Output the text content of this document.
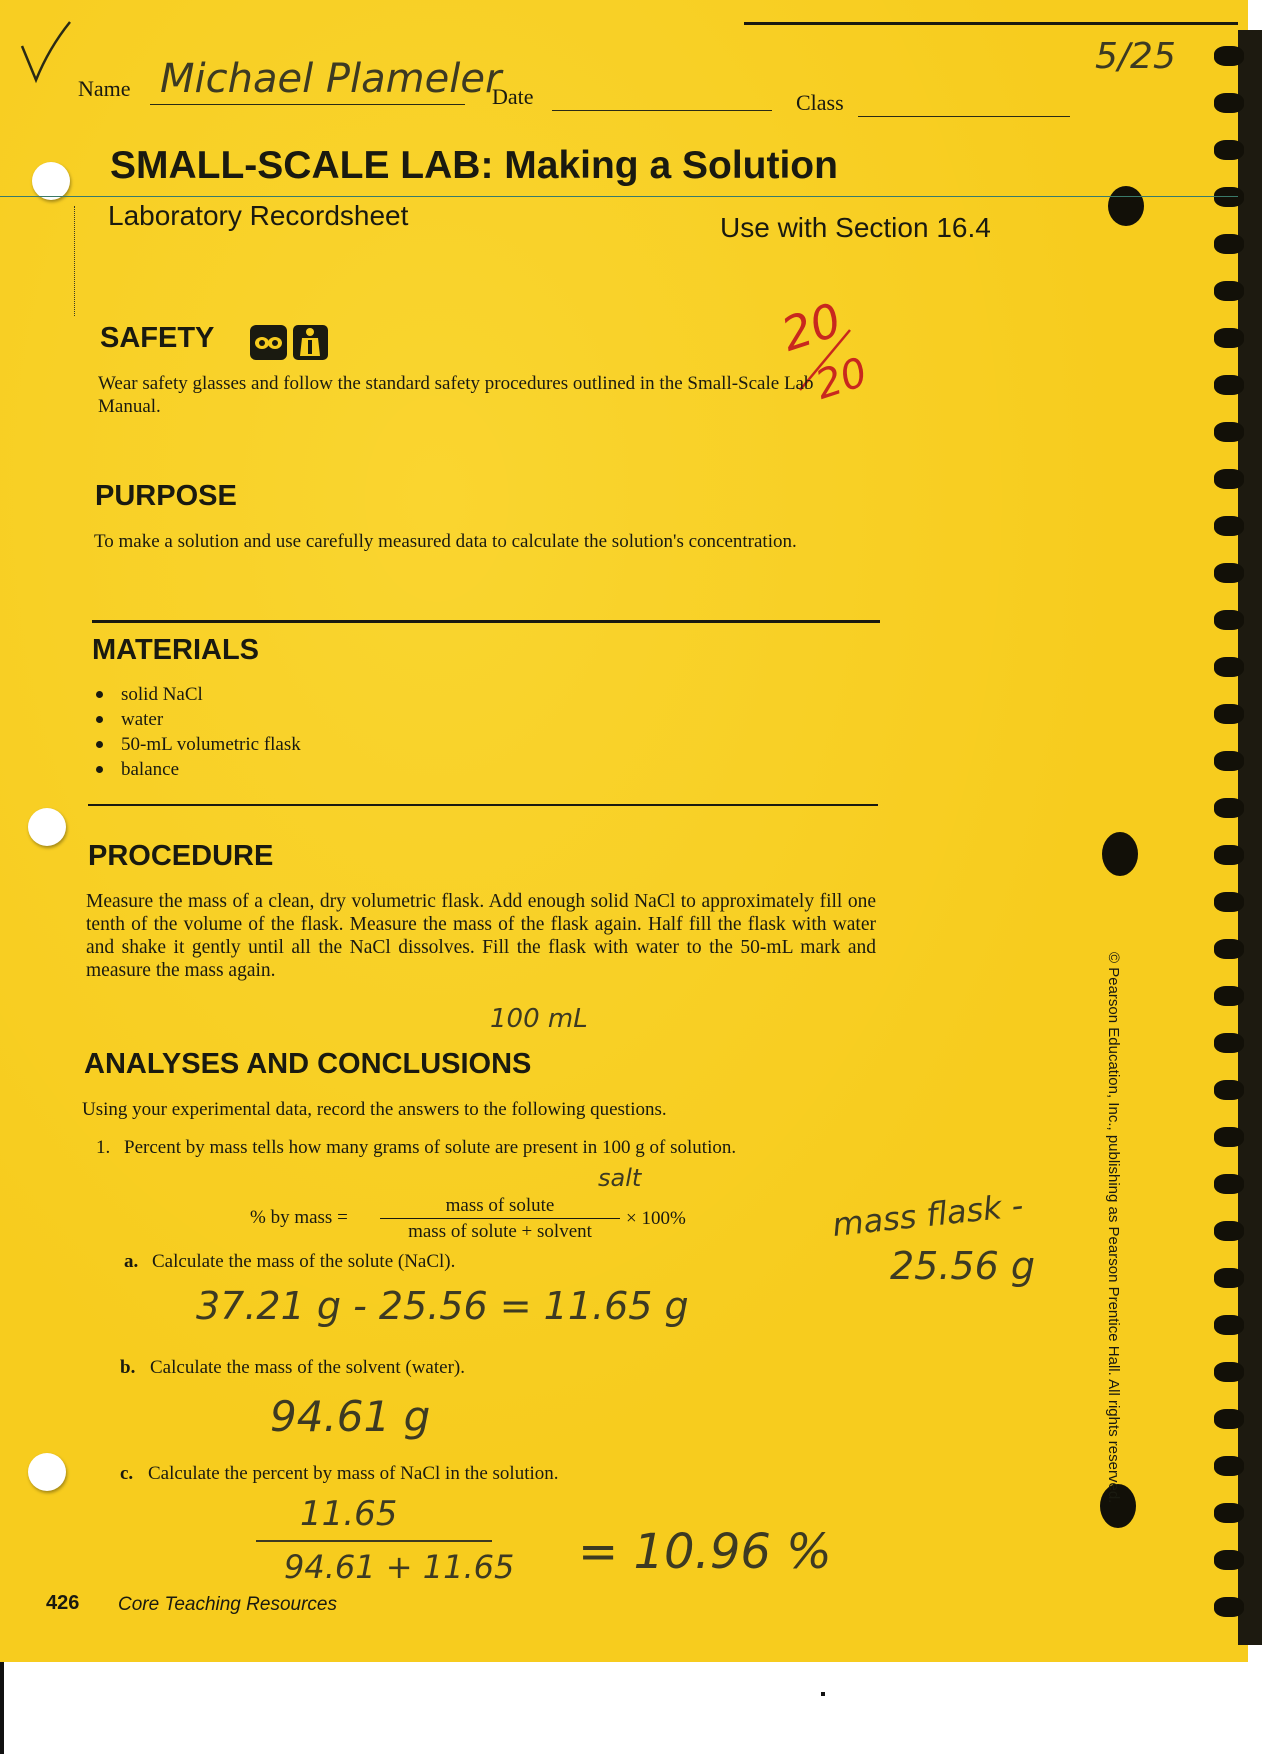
Name Michael Plameler
Date	Class
5/25
SMALL-SCALE LAB: Making a Solution
Laboratory Recordsheet	Use with Section 16.4
20
20
SAFETY
Wear safety glasses and follow the standard safety procedures outlined in the Small-Scale Lab Manual.
PURPOSE
To make a solution and use carefully measured data to calculate the solution's concentration.
MATERIALS
solid NaCl
water
50-mL volumetric flask
balance
PROCEDURE
Measure the mass of a clean, dry volumetric flask. Add enough solid NaCl to approximately fill one tenth of the volume of the flask. Measure the mass of the flask again. Half fill the flask with water and shake it gently until all the NaCl dissolves. Fill the flask with water to the 50-mL mark and measure the mass again.
100 mL
ANALYSES AND CONCLUSIONS
Using your experimental data, record the answers to the following questions.
1. Percent by mass tells how many grams of solute are present in 100 g of solution.
salt
% by mass =
mass of solute
mass of solute + solvent
× 100%	mass flask -
25.56 g
a. Calculate the mass of the solute (NaCl).
37.21 g - 25.56 = 11.65 g
b. Calculate the mass of the solvent (water).
94.61 g
c. Calculate the percent by mass of NaCl in the solution.
11.65
94.61 + 11.65 = 10.96 %
426 Core Teaching Resources
© Pearson Education, Inc., publishing as Pearson Prentice Hall. All rights reserved.
